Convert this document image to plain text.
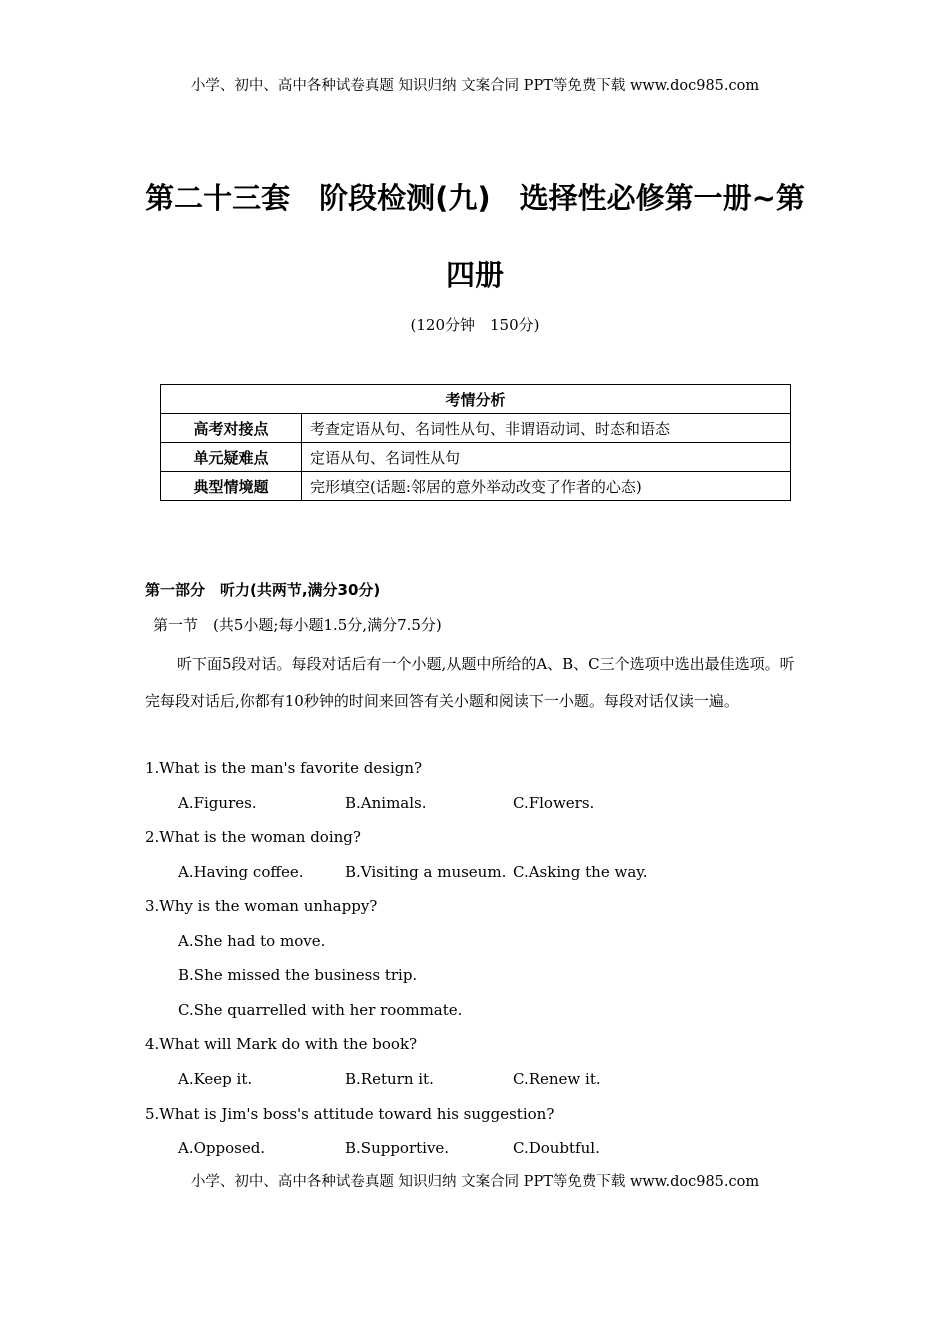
小学、初中、高中各种试卷真题 知识归纳 文案合同 PPT等免费下载 www.doc985.com
第二十三套　阶段检测(九)　选择性必修第一册~第
四册
(120分钟　150分)
考情分析	
高考对接点	考查定语从句、名词性从句、非谓语动词、时态和语态
单元疑难点	定语从句、名词性从句
典型情境题	完形填空(话题:邻居的意外举动改变了作者的心态)
第一部分　听力(共两节,满分30分)
第一节　(共5小题;每小题1.5分,满分7.5分)
听下面5段对话。每段对话后有一个小题,从题中所给的A、B、C三个选项中选出最佳选项。听完每段对话后,你都有10秒钟的时间来回答有关小题和阅读下一小题。每段对话仅读一遍。
1.What is the man's favorite design?
A.Figures.	B.Animals.	C.Flowers.
2.What is the woman doing?
A.Having coffee.	B.Visiting a museum. C.Asking the way.
3.Why is the woman unhappy?
A.She had to move.
B.She missed the business trip.
C.She quarrelled with her roommate.
4.What will Mark do with the book?
A.Keep it.	B.Return it.	C.Renew it.
5.What is Jim's boss's attitude toward his suggestion?
A.Opposed.	B.Supportive.	C.Doubtful.
小学、初中、高中各种试卷真题 知识归纳 文案合同 PPT等免费下载 www.doc985.com
